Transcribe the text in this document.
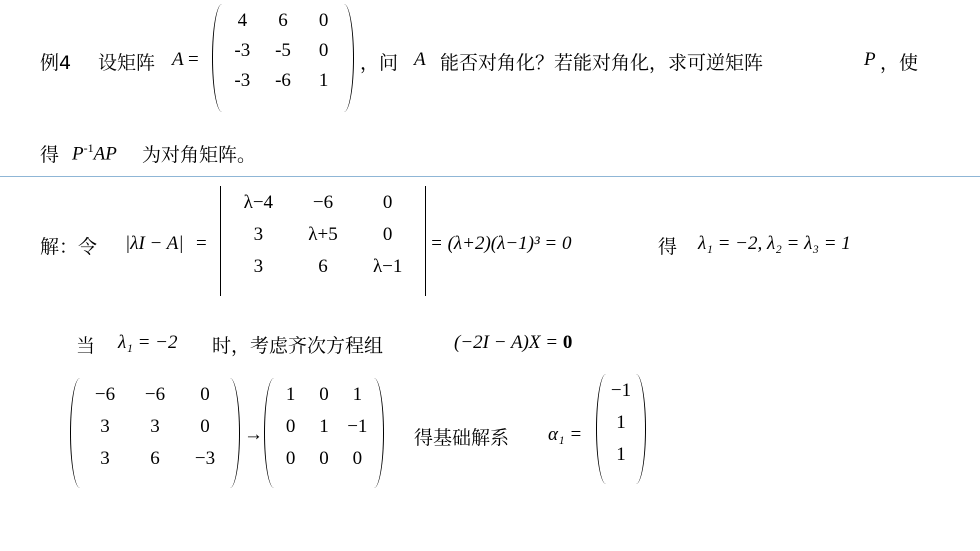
例4 设矩阵 A =
4	6	0
-3	-5	0
-3	-6	1
，问 A 能否对角化？若能对角化，求可逆矩阵	P ，使
得 $P^{-1}AP$ 为对角矩阵。
解：令 |λI − A| =
λ−4	−6	0
3	λ+5	0
3	6	λ−1
= (λ+2)(λ−1)³ = 0	得 λ₁ = −2, λ₂ = λ₃ = 1
当 λ₁ = −2 时，考虑齐次方程组	(−2I − A)X = 0
−6	−6	0
3	3	0
3	6	−3
→
1	0	1
0	1 −1
0	0	0
得基础解系 α₁ =
−1
1
1
